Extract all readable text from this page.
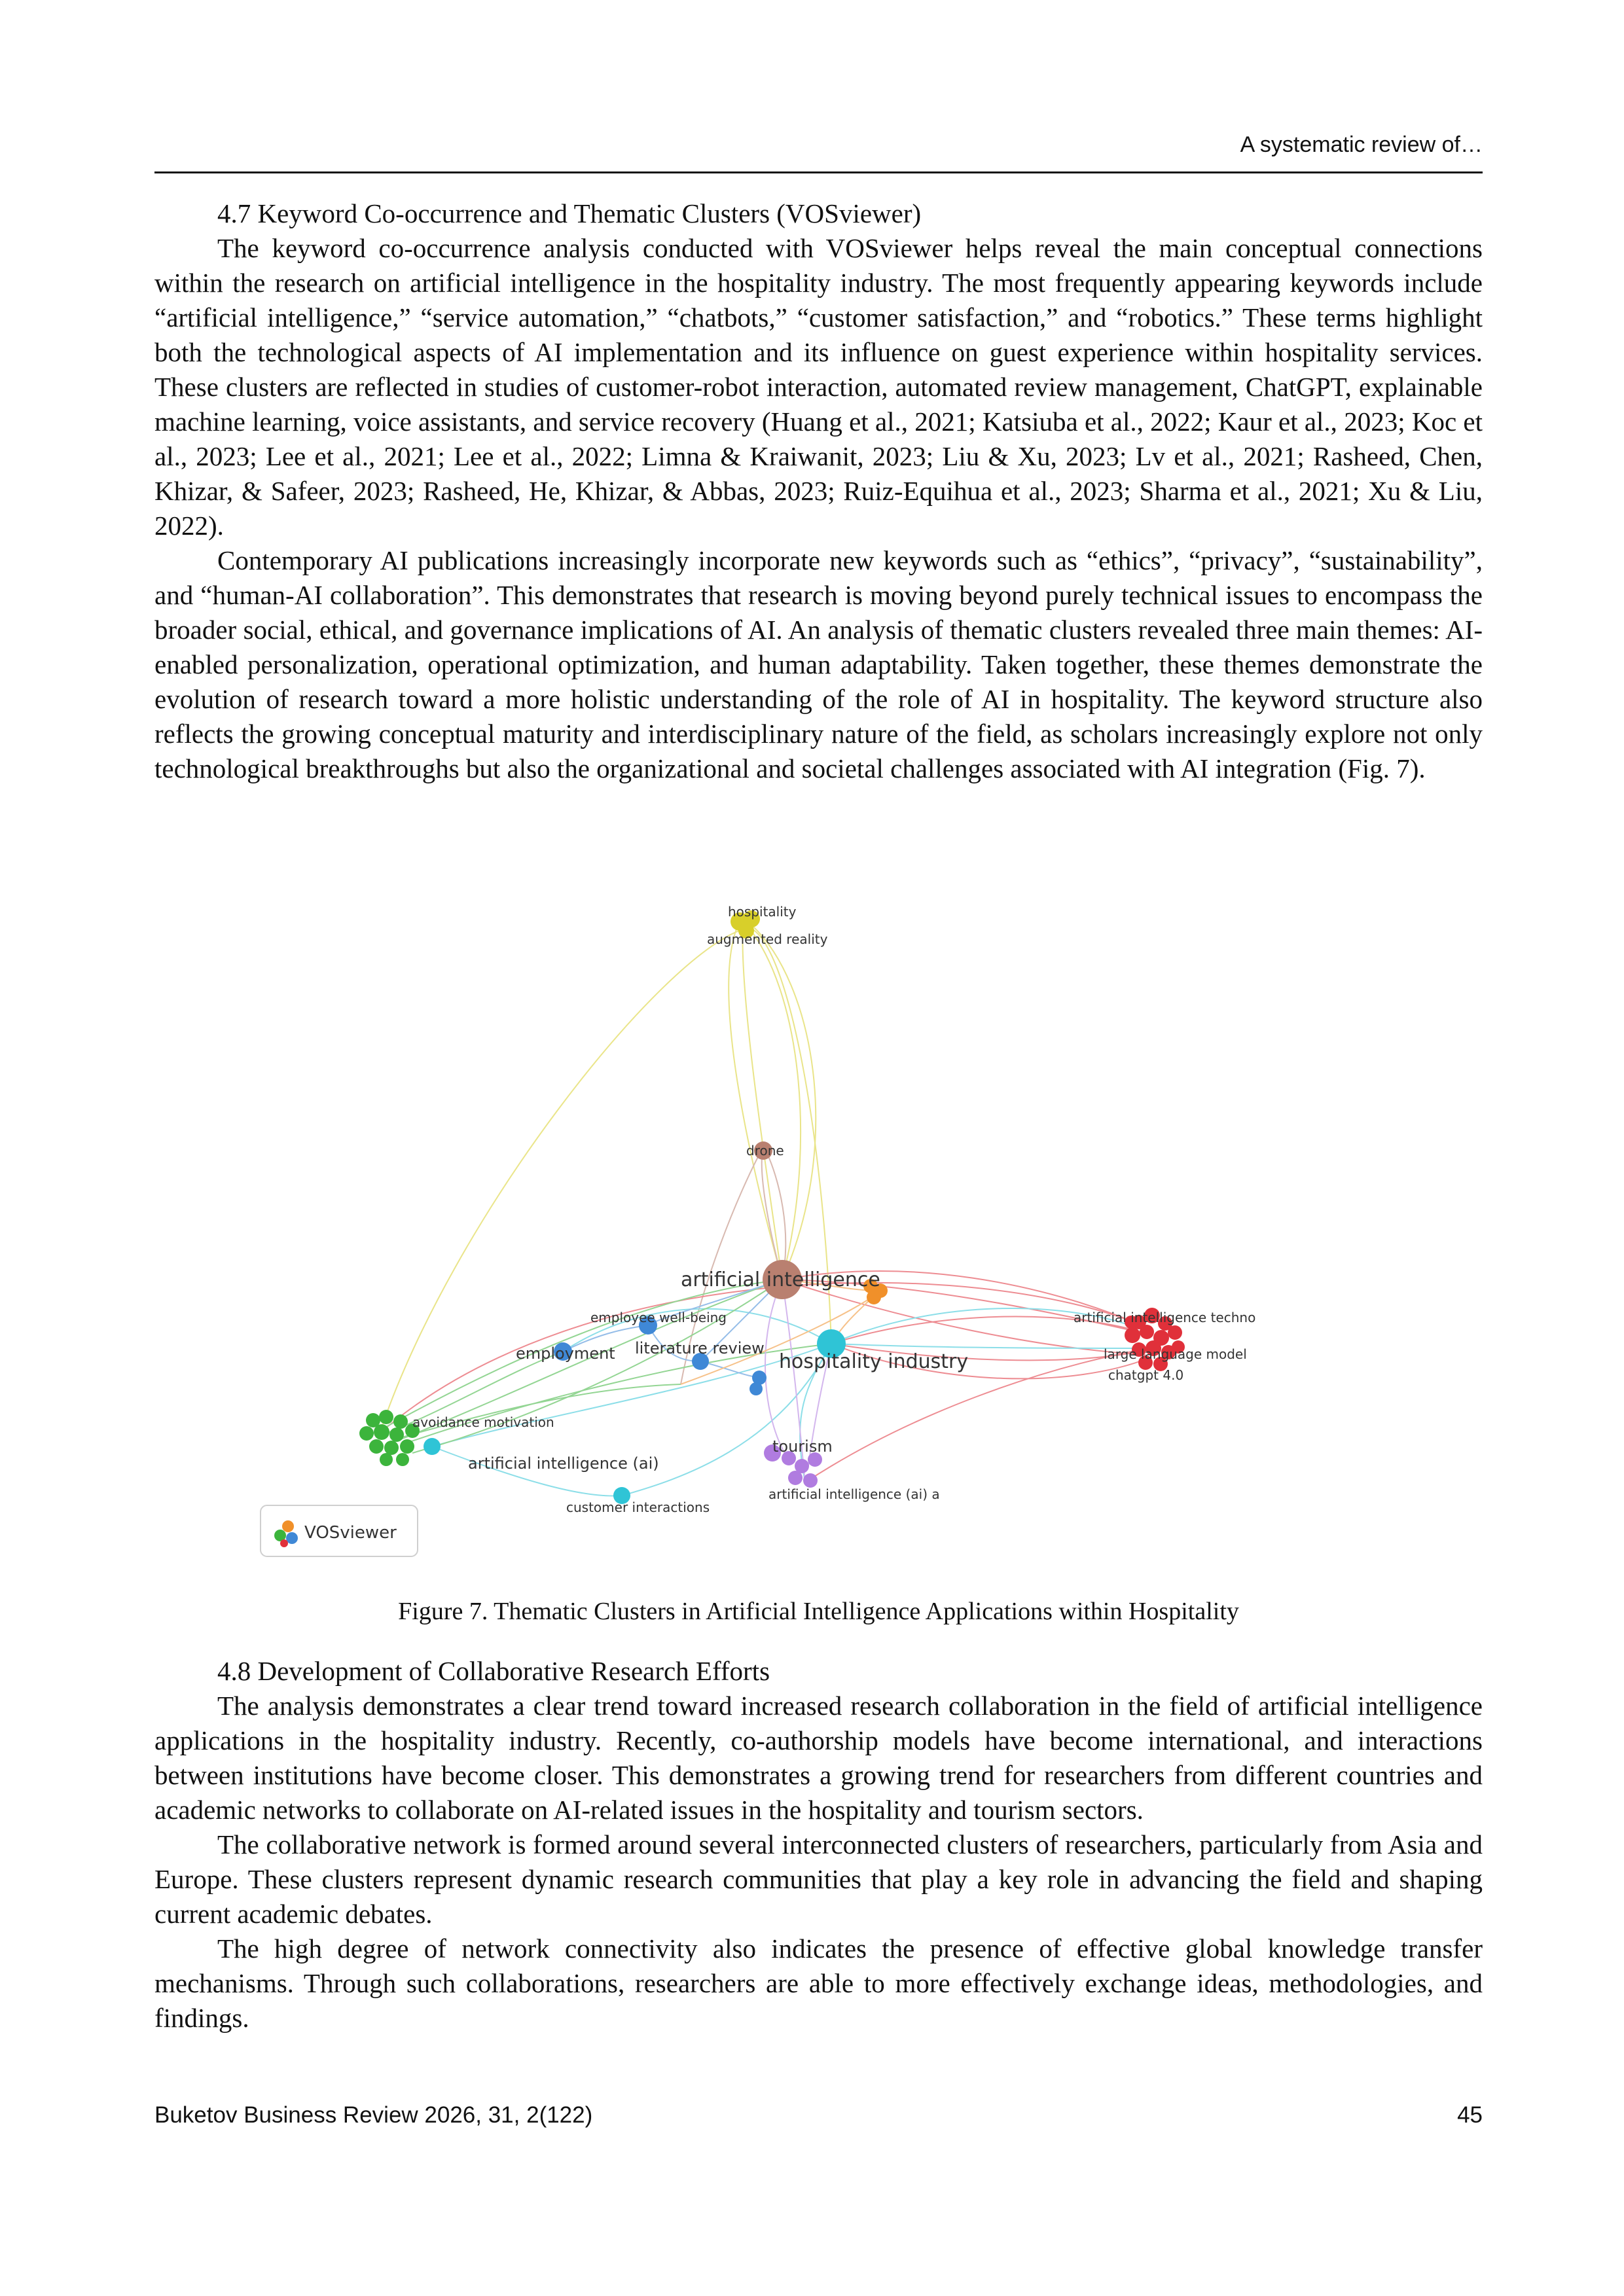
A systematic review of…
4.7 Keyword Co-occurrence and Thematic Clusters (VOSviewer)

The keyword co-occurrence analysis conducted with VOSviewer helps reveal the main conceptual connections within the research on artificial intelligence in the hospitality industry. The most frequently appearing keywords include “artificial intelligence,” “service automation,” “chatbots,” “customer satisfaction,” and “robotics.” These terms highlight both the technological aspects of AI implementation and its influence on guest experience within hospitality services. These clusters are reflected in studies of customer-robot interaction, automated review management, ChatGPT, explainable machine learning, voice assistants, and service recovery (Huang et al., 2021; Katsiuba et al., 2022; Kaur et al., 2023; Koc et al., 2023; Lee et al., 2021; Lee et al., 2022; Limna & Kraiwanit, 2023; Liu & Xu, 2023; Lv et al., 2021; Rasheed, Chen, Khizar, & Safeer, 2023; Rasheed, He, Khizar, & Abbas, 2023; Ruiz-Equihua et al., 2023; Sharma et al., 2021; Xu & Liu, 2022).

Contemporary AI publications increasingly incorporate new keywords such as “ethics”, “privacy”, “sustainability”, and “human-AI collaboration”. This demonstrates that research is moving beyond purely technical issues to encompass the broader social, ethical, and governance implications of AI. An analysis of thematic clusters revealed three main themes: AI-enabled personalization, operational optimization, and human adaptability. Taken together, these themes demonstrate the evolution of research toward a more holistic understanding of the role of AI in hospitality. The keyword structure also reflects the growing conceptual maturity and interdisciplinary nature of the field, as scholars increasingly explore not only technological breakthroughs but also the organizational and societal challenges associated with AI integration (Fig. 7).

hospitality
augmented reality
drone
artificial intelligence
employee well-being
employment literature review
hospitality industry
avoidance motivation
artificial intelligence (ai)
tourism
artificial intelligence (ai) a
customer interactions
artificial intelligence techno
large language model
chatgpt 4.0
VOSviewer
Figure 7. Thematic Clusters in Artificial Intelligence Applications within Hospitality
4.8 Development of Collaborative Research Efforts

The analysis demonstrates a clear trend toward increased research collaboration in the field of artificial intelligence applications in the hospitality industry. Recently, co-authorship models have become international, and interactions between institutions have become closer. This demonstrates a growing trend for researchers from different countries and academic networks to collaborate on AI-related issues in the hospitality and tourism sectors.

The collaborative network is formed around several interconnected clusters of researchers, particularly from Asia and Europe. These clusters represent dynamic research communities that play a key role in advancing the field and shaping current academic debates.

The high degree of network connectivity also indicates the presence of effective global knowledge transfer mechanisms. Through such collaborations, researchers are able to more effectively exchange ideas, methodologies, and findings.

Buketov Business Review 2026, 31, 2(122)	45
